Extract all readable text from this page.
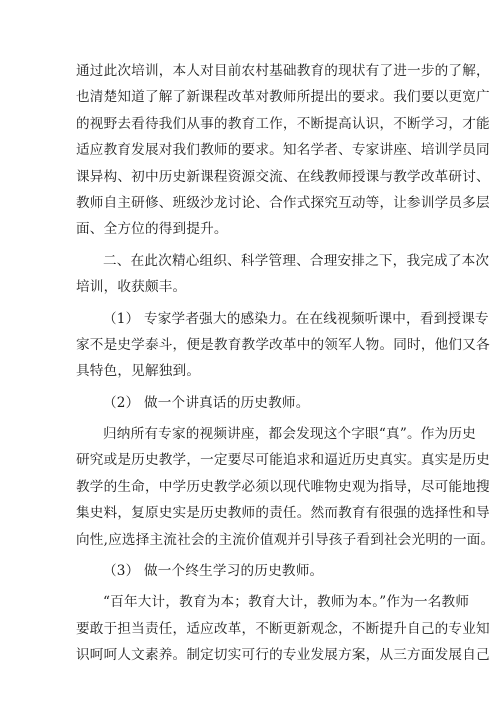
通过此次培训，本人对目前农村基础教育的现状有了进一步的了解，
也清楚知道了解了新课程改革对教师所提出的要求。我们要以更宽广
的视野去看待我们从事的教育工作，不断提高认识，不断学习，才能
适应教育发展对我们教师的要求。知名学者、专家讲座、培训学员同
课异构、初中历史新课程资源交流、在线教师授课与教学改革研讨、
教师自主研修、班级沙龙讨论、合作式探究互动等，让参训学员多层
面、全方位的得到提升。
二、在此次精心组织、科学管理、合理安排之下，我完成了本次
培训，收获颇丰。
（1） 专家学者强大的感染力。在在线视频听课中，看到授课专
家不是史学泰斗，便是教育教学改革中的领军人物。同时，他们又各
具特色，见解独到。
（2） 做一个讲真话的历史教师。
归纳所有专家的视频讲座，都会发现这个字眼“真”。作为历史
研究或是历史教学，一定要尽可能追求和逼近历史真实。真实是历史
教学的生命，中学历史教学必须以现代唯物史观为指导，尽可能地搜
集史料，复原史实是历史教师的责任。然而教育有很强的选择性和导
向性,应选择主流社会的主流价值观并引导孩子看到社会光明的一面。
（3） 做一个终生学习的历史教师。
“百年大计，教育为本；教育大计，教师为本。”作为一名教师
要敢于担当责任，适应改革，不断更新观念，不断提升自己的专业知
识呵呵人文素养。制定切实可行的专业发展方案，从三方面发展自己
